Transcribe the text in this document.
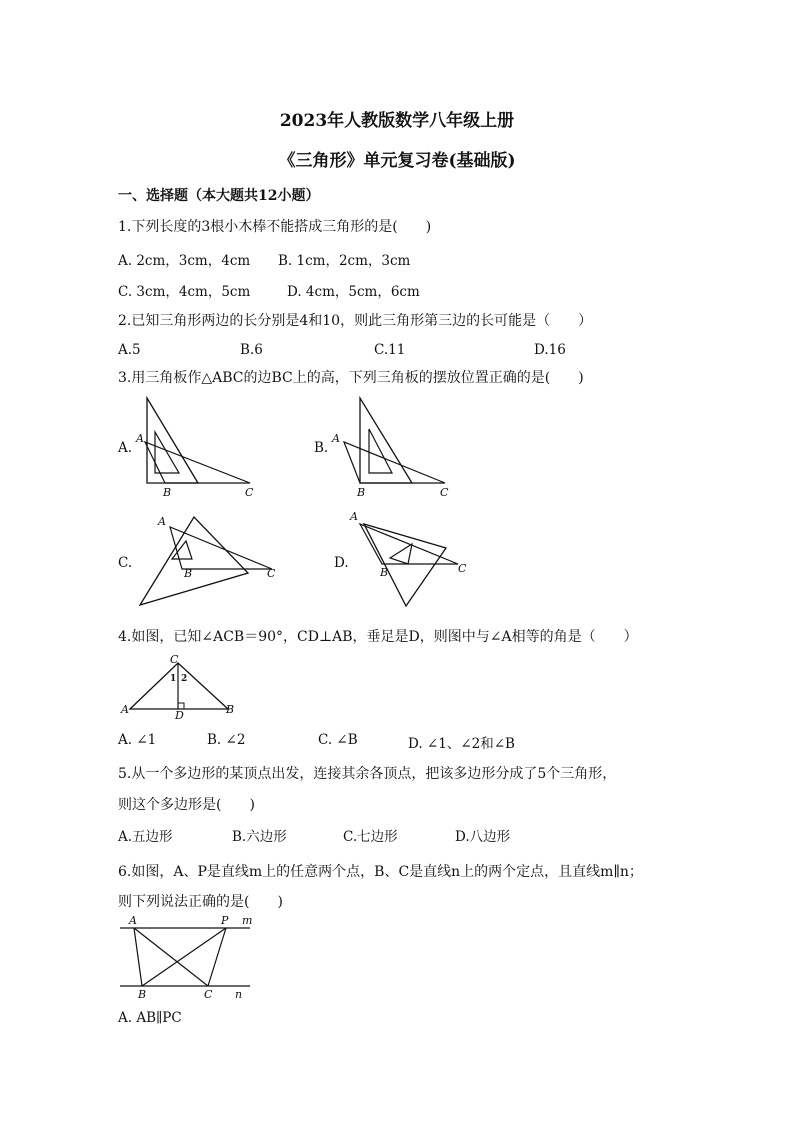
2023年人教版数学八年级上册
《三角形》单元复习卷(基础版)
一、选择题（本大题共12小题）
1.下列长度的3根小木棒不能搭成三角形的是(　　)
A. 2cm，3cm，4cm B. 1cm，2cm，3cm
C. 3cm，4cm，5cm	D. 4cm，5cm，6cm
2.已知三角形两边的长分别是4和10，则此三角形第三边的长可能是（　　）
A.5	B.6	C.11	D.16
3.用三角板作△ABC的边BC上的高，下列三角板的摆放位置正确的是(　　)
A.
A
B	C
B.
A
B	C
C.
A
B	C
D.
A
B	C
4.如图，已知∠ACB＝90°，CD⊥AB，垂足是D，则图中与∠A相等的角是（　　）
A	B
C
D
1 2
A. ∠1	B. ∠2	C. ∠B	D. ∠1、∠2和∠B
5.从一个多边形的某顶点出发，连接其余各顶点，把该多边形分成了5个三角形，
则这个多边形是(　　)
A.五边形	B.六边形	C.七边形	D.八边形
6.如图，A、P是直线m上的任意两个点，B、C是直线n上的两个定点，且直线m∥n；
则下列说法正确的是(　　)
A	P m
B	C n
A. AB∥PC
